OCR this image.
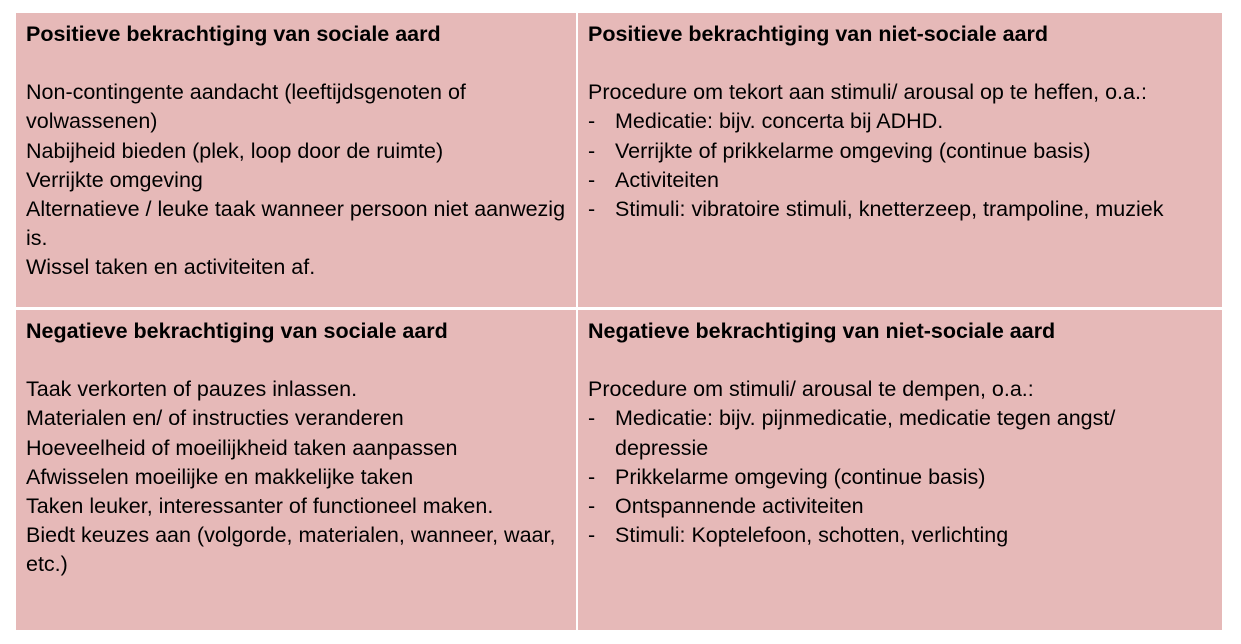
Positieve bekrachtiging van sociale aard

Non-contingente aandacht (leeftijdsgenoten of volwassenen)

Nabijheid bieden (plek, loop door de ruimte)

Verrijkte omgeving

Alternatieve / leuke taak wanneer persoon niet aanwezig is.

Wissel taken en activiteiten af.

Positieve bekrachtiging van niet-sociale aard

Procedure om tekort aan stimuli/ arousal op te heffen, o.a.:

- Medicatie: bijv. concerta bij ADHD.
- Verrijkte of prikkelarme omgeving (continue basis)
- Activiteiten
- Stimuli: vibratoire stimuli, knetterzeep, trampoline, muziek

Negatieve bekrachtiging van sociale aard

Taak verkorten of pauzes inlassen.

Materialen en/ of instructies veranderen

Hoeveelheid of moeilijkheid taken aanpassen

Afwisselen moeilijke en makkelijke taken

Taken leuker, interessanter of functioneel maken.

Biedt keuzes aan (volgorde, materialen, wanneer, waar, etc.)

Negatieve bekrachtiging van niet-sociale aard

Procedure om stimuli/ arousal te dempen, o.a.:

- Medicatie: bijv. pijnmedicatie, medicatie tegen angst/ depressie
- Prikkelarme omgeving (continue basis)
- Ontspannende activiteiten
- Stimuli: Koptelefoon, schotten, verlichting
